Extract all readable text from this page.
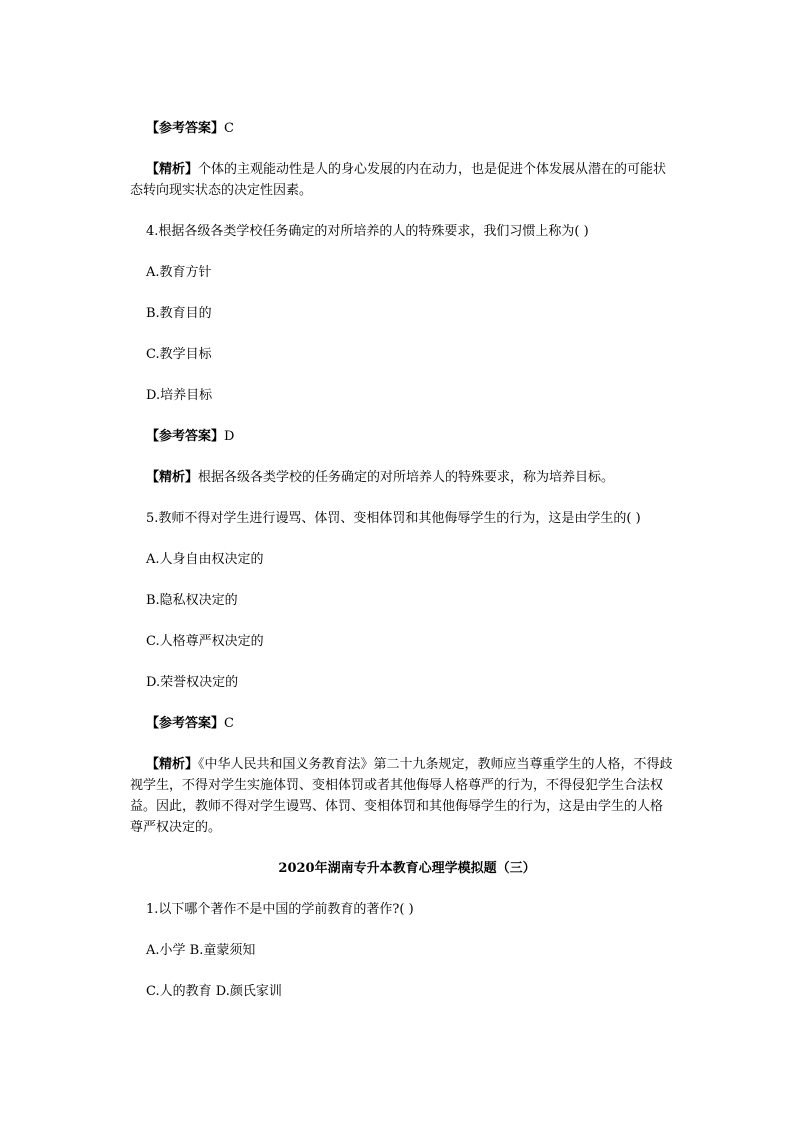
【参考答案】C

【精析】个体的主观能动性是人的身心发展的内在动力，也是促进个体发展从潜在的可能状态转向现实状态的决定性因素。

4.根据各级各类学校任务确定的对所培养的人的特殊要求，我们习惯上称为( )

A.教育方针

B.教育目的

C.教学目标

D.培养目标

【参考答案】D

【精析】根据各级各类学校的任务确定的对所培养人的特殊要求，称为培养目标。

5.教师不得对学生进行谩骂、体罚、变相体罚和其他侮辱学生的行为，这是由学生的( )

A.人身自由权决定的

B.隐私权决定的

C.人格尊严权决定的

D.荣誉权决定的

【参考答案】C

【精析】《中华人民共和国义务教育法》第二十九条规定，教师应当尊重学生的人格，不得歧视学生，不得对学生实施体罚、变相体罚或者其他侮辱人格尊严的行为，不得侵犯学生合法权益。因此，教师不得对学生谩骂、体罚、变相体罚和其他侮辱学生的行为，这是由学生的人格尊严权决定的。

2020年湖南专升本教育心理学模拟题（三）

1.以下哪个著作不是中国的学前教育的著作?( )

A.小学 B.童蒙须知

C.人的教育 D.颜氏家训
